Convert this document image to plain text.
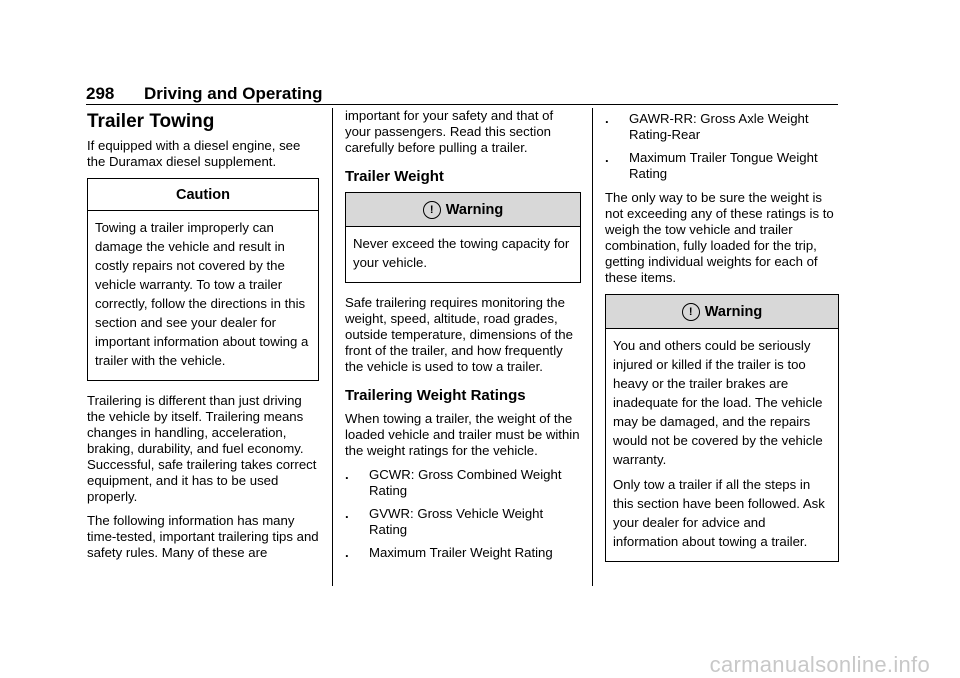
298 Driving and Operating
Trailer Towing

If equipped with a diesel engine, see the Duramax diesel supplement.

Caution

Towing a trailer improperly can damage the vehicle and result in costly repairs not covered by the vehicle warranty. To tow a trailer correctly, follow the directions in this section and see your dealer for important information about towing a trailer with the vehicle.

Trailering is different than just driving the vehicle by itself. Trailering means changes in handling, acceleration, braking, durability, and fuel economy. Successful, safe trailering takes correct equipment, and it has to be used properly.

The following information has many time-tested, important trailering tips and safety rules. Many of these are

important for your safety and that of your passengers. Read this section carefully before pulling a trailer.

Trailer Weight
! Warning

Never exceed the towing capacity for your vehicle.

Safe trailering requires monitoring the weight, speed, altitude, road grades, outside temperature, dimensions of the front of the trailer, and how frequently the vehicle is used to tow a trailer.

Trailering Weight Ratings

When towing a trailer, the weight of the loaded vehicle and trailer must be within the weight ratings for the vehicle.

. GCWR: Gross Combined Weight Rating
. GVWR: Gross Vehicle Weight Rating
. Maximum Trailer Weight Rating
. GAWR-RR: Gross Axle Weight Rating-Rear
. Maximum Trailer Tongue Weight Rating

The only way to be sure the weight is not exceeding any of these ratings is to weigh the tow vehicle and trailer combination, fully loaded for the trip, getting individual weights for each of these items.

! Warning

You and others could be seriously injured or killed if the trailer is too heavy or the trailer brakes are inadequate for the load. The vehicle may be damaged, and the repairs would not be covered by the vehicle warranty.

Only tow a trailer if all the steps in this section have been followed. Ask your dealer for advice and information about towing a trailer.

carmanualsonline.info
